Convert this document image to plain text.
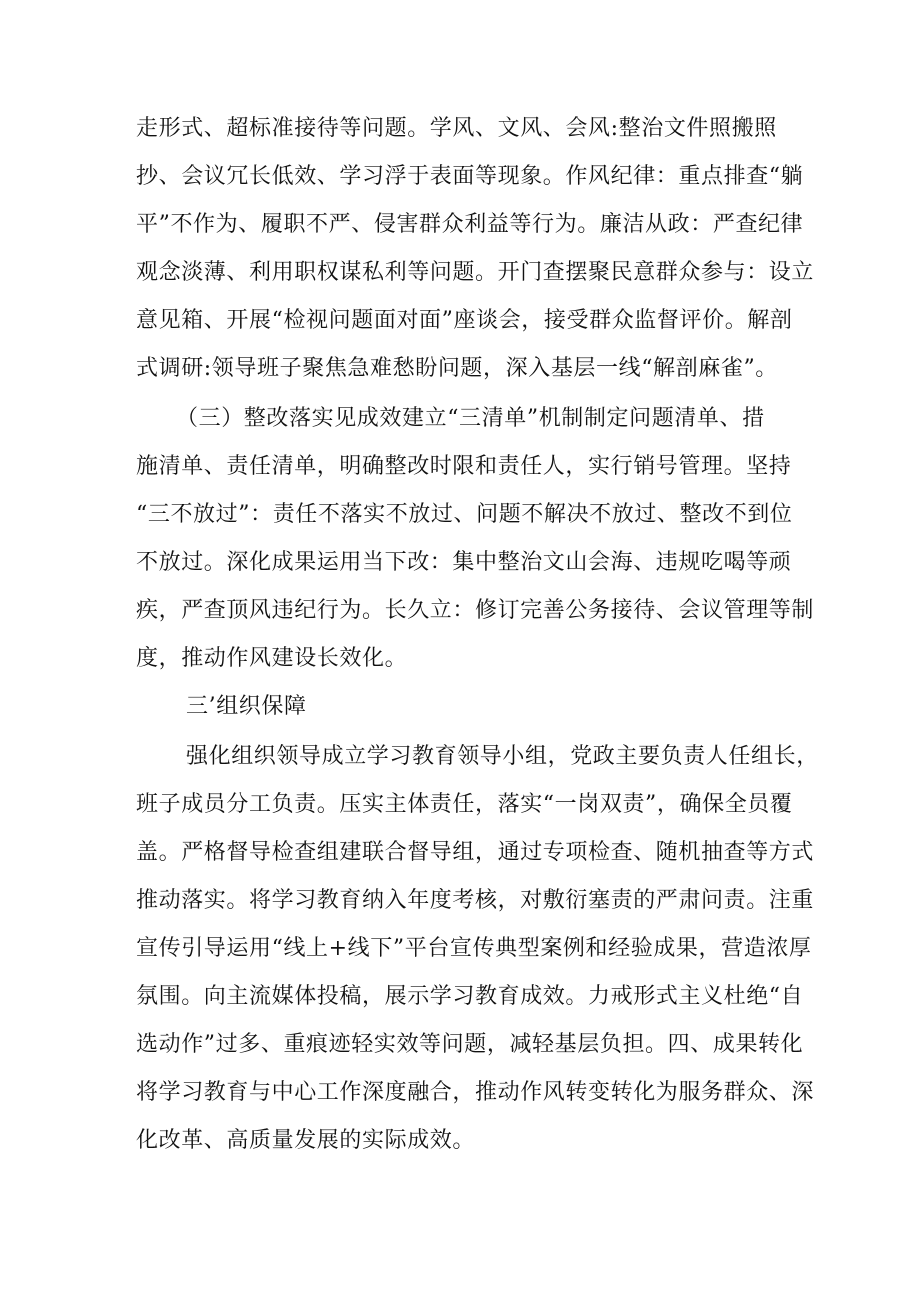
走形式、超标准接待等问题。学风、文风、会风:整治文件照搬照
抄、会议冗长低效、学习浮于表面等现象。作风纪律：重点排查“躺
平”不作为、履职不严、侵害群众利益等行为。廉洁从政：严查纪律
观念淡薄、利用职权谋私利等问题。开门查摆聚民意群众参与：设立
意见箱、开展“检视问题面对面”座谈会，接受群众监督评价。解剖
式调研:领导班子聚焦急难愁盼问题，深入基层一线“解剖麻雀”。
（三）整改落实见成效建立“三清单”机制制定问题清单、措
施清单、责任清单，明确整改时限和责任人，实行销号管理。坚持
“三不放过”：责任不落实不放过、问题不解决不放过、整改不到位
不放过。深化成果运用当下改：集中整治文山会海、违规吃喝等顽
疾，严查顶风违纪行为。长久立：修订完善公务接待、会议管理等制
度，推动作风建设长效化。
三’组织保障
强化组织领导成立学习教育领导小组，党政主要负责人任组长，
班子成员分工负责。压实主体责任，落实“一岗双责”，确保全员覆
盖。严格督导检查组建联合督导组，通过专项检查、随机抽查等方式
推动落实。将学习教育纳入年度考核，对敷衍塞责的严肃问责。注重
宣传引导运用“线上+线下”平台宣传典型案例和经验成果，营造浓厚
氛围。向主流媒体投稿，展示学习教育成效。力戒形式主义杜绝“自
选动作”过多、重痕迹轻实效等问题，减轻基层负担。四、成果转化
将学习教育与中心工作深度融合，推动作风转变转化为服务群众、深
化改革、高质量发展的实际成效。
